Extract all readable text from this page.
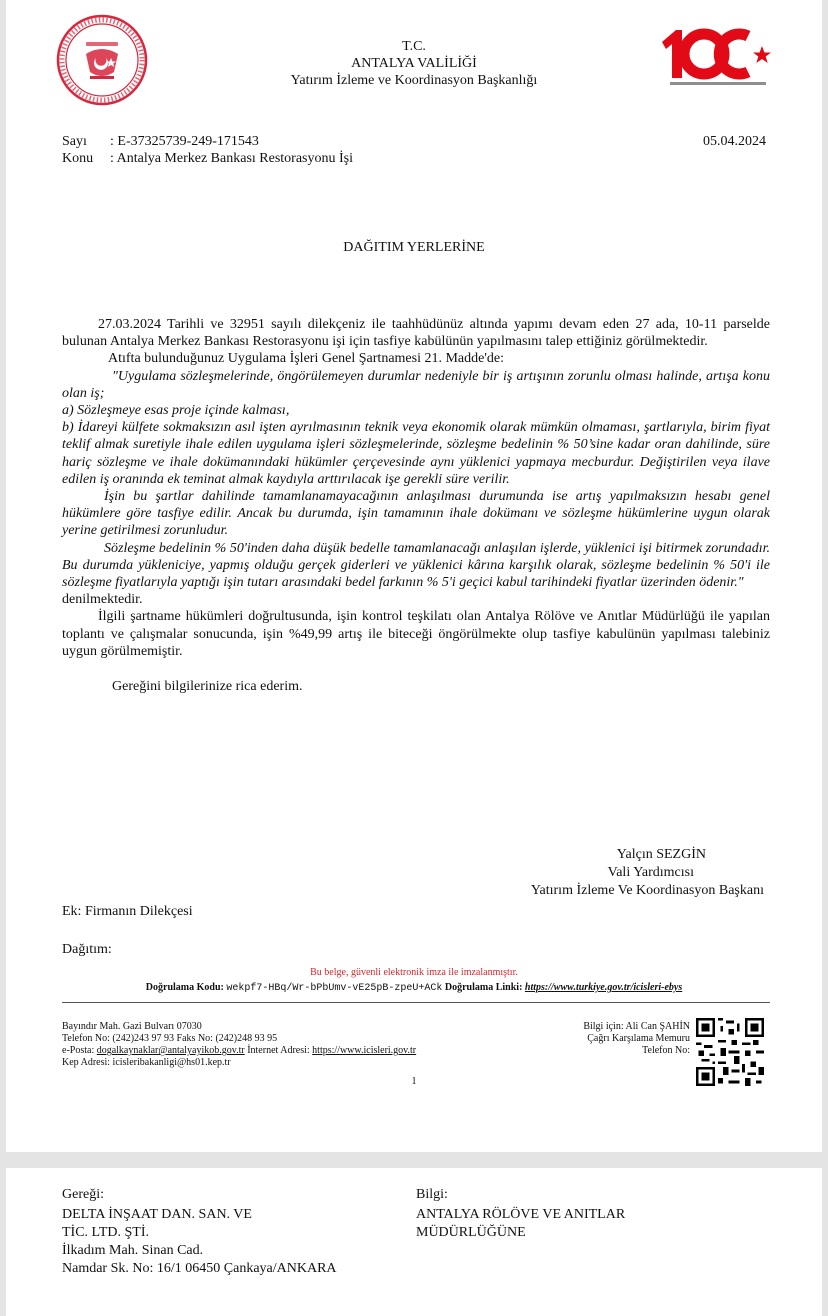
T.C.
ANTALYA VALİLİĞİ
Yatırım İzleme ve Koordinasyon Başkanlığı
Sayı : E-37325739-249-171543
Konu : Antalya Merkez Bankası Restorasyonu İşi
05.04.2024
DAĞITIM YERLERİNE

27.03.2024 Tarihli ve 32951 sayılı dilekçeniz ile taahhüdünüz altında yapımı devam eden 27 ada, 10-11 parselde bulunan Antalya Merkez Bankası Restorasyonu işi için tasfiye kabülünün yapılmasını talep ettiğiniz görülmektedir.

Atıfta bulunduğunuz Uygulama İşleri Genel Şartnamesi 21. Madde'de:

"Uygulama sözleşmelerinde, öngörülemeyen durumlar nedeniyle bir iş artışının zorunlu olması halinde, artışa konu olan iş;

a) Sözleşmeye esas proje içinde kalması,

b) İdareyi külfete sokmaksızın asıl işten ayrılmasının teknik veya ekonomik olarak mümkün olmaması, şartlarıyla, birim fiyat teklif almak suretiyle ihale edilen uygulama işleri sözleşmelerinde, sözleşme bedelinin % 50’sine kadar oran dahilinde, süre hariç sözleşme ve ihale dokümanındaki hükümler çerçevesinde aynı yüklenici yapmaya mecburdur. Değiştirilen veya ilave edilen iş oranında ek teminat almak kaydıyla arttırılacak işe gerekli süre verilir.

İşin bu şartlar dahilinde tamamlanamayacağının anlaşılması durumunda ise artış yapılmaksızın hesabı genel hükümlere göre tasfiye edilir. Ancak bu durumda, işin tamamının ihale dokümanı ve sözleşme hükümlerine uygun olarak yerine getirilmesi zorunludur.

Sözleşme bedelinin % 50'inden daha düşük bedelle tamamlanacağı anlaşılan işlerde, yüklenici işi bitirmek zorundadır. Bu durumda yükleniciye, yapmış olduğu gerçek giderleri ve yüklenici kârına karşılık olarak, sözleşme bedelinin % 50'i ile sözleşme fiyatlarıyla yaptığı işin tutarı arasındaki bedel farkının % 5'i geçici kabul tarihindeki fiyatlar üzerinden ödenir."

denilmektedir.

İlgili şartname hükümleri doğrultusunda, işin kontrol teşkilatı olan Antalya Rölöve ve Anıtlar Müdürlüğü ile yapılan toplantı ve çalışmalar sonucunda, işin %49,99 artış ile biteceği öngörülmekte olup tasfiye kabulünün yapılması talebiniz uygun görülmemiştir.

Gereğini bilgilerinize rica ederim.

Yalçın SEZGİN
Vali Yardımcısı
Yatırım İzleme Ve Koordinasyon Başkanı
Ek: Firmanın Dilekçesi
Dağıtım:
Bu belge, güvenli elektronik imza ile imzalanmıştır.
Doğrulama Kodu: wekpf7-HBq/Wr-bPbUmv-vE25pB-zpeU+ACk Doğrulama Linki: https://www.turkiye.gov.tr/icisleri-ebys
Bayındır Mah. Gazi Bulvarı 07030
Telefon No: (242)243 97 93 Faks No: (242)248 93 95
e-Posta: dogalkaynaklar@antalyayikob.gov.tr İnternet Adresi: https://www.icisleri.gov.tr
Kep Adresi: icisleribakanligi@hs01.kep.tr
Bilgi için: Ali Can ŞAHİN
Çağrı Karşılama Memuru
Telefon No:
1
Gereği:
DELTA İNŞAAT DAN. SAN. VE
TİC. LTD. ŞTİ.
İlkadım Mah. Sinan Cad.
Namdar Sk. No: 16/1 06450 Çankaya/ANKARA
Bilgi:
ANTALYA RÖLÖVE VE ANITLAR
MÜDÜRLÜĞÜNE
